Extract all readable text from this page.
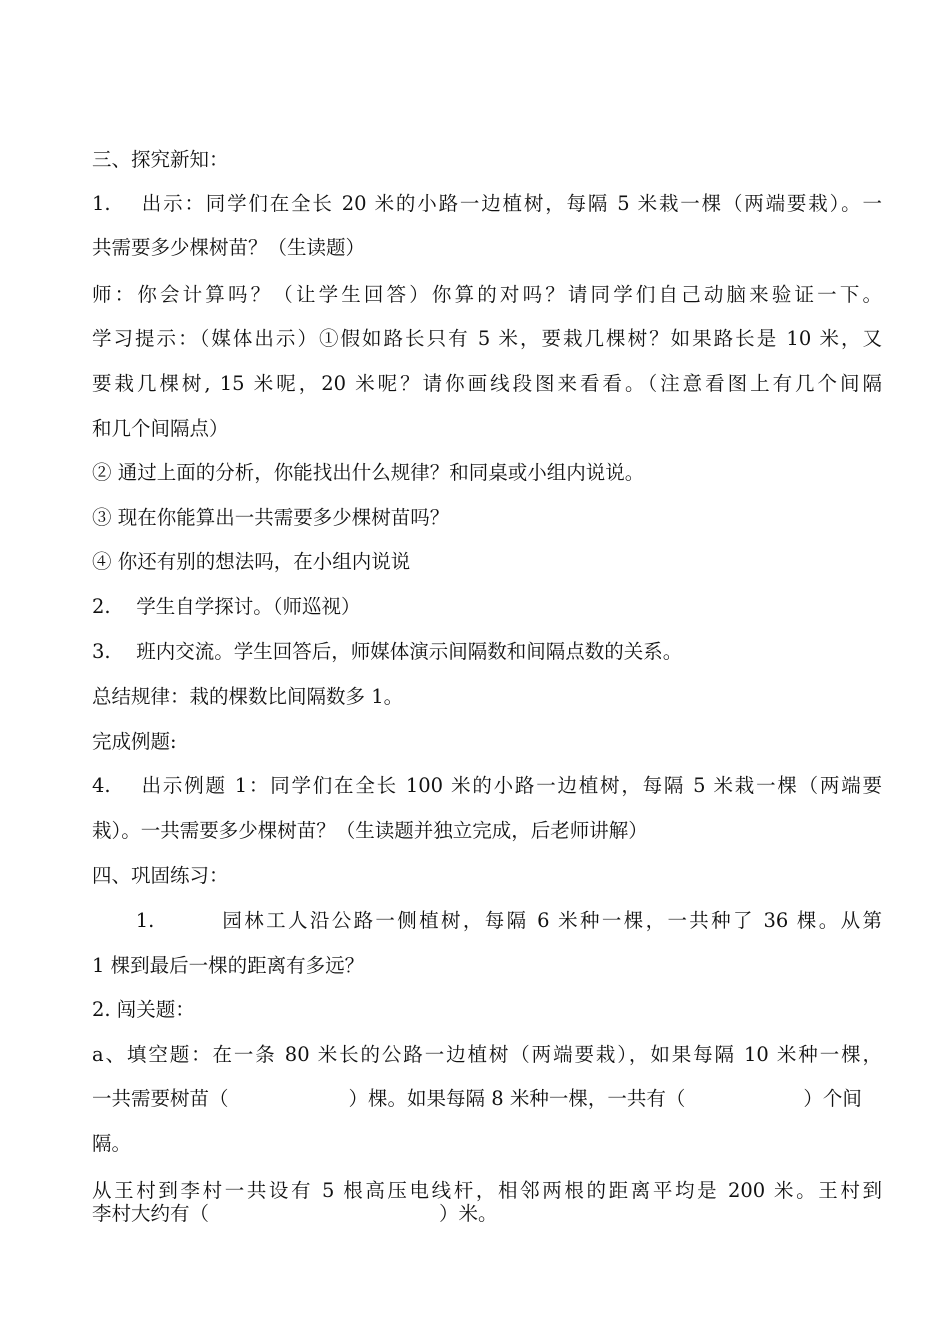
三、探究新知：
1.　 出示：同学们在全长 20 米的小路一边植树，每隔 5 米栽一棵（两端要栽）。一
共需要多少棵树苗？（生读题）
师：你会计算吗？（让学生回答）你算的对吗？请同学们自己动脑来验证一下。
学习提示：（媒体出示）①假如路长只有 5 米，要栽几棵树？如果路长是 10 米，又
要栽几棵树, 15 米呢，20 米呢？请你画线段图来看看。（注意看图上有几个间隔
和几个间隔点）
② 通过上面的分析，你能找出什么规律？和同桌或小组内说说。
③ 现在你能算出一共需要多少棵树苗吗？
④ 你还有别的想法吗，在小组内说说
2.　 学生自学探讨。（师巡视）
3.　 班内交流。学生回答后，师媒体演示间隔数和间隔点数的关系。
总结规律：栽的棵数比间隔数多 1。
完成例题:
4.　 出示例题 1：同学们在全长 100 米的小路一边植树，每隔 5 米栽一棵（两端要
栽）。一共需要多少棵树苗？（生读题并独立完成，后老师讲解）
四、巩固练习：
　　1.　　　园林工人沿公路一侧植树，每隔 6 米种一棵，一共种了 36 棵。从第
1 棵到最后一棵的距离有多远？
2. 闯关题：
a、填空题：在一条 80 米长的公路一边植树（两端要栽），如果每隔 10 米种一棵，
一共需要树苗（	）棵。如果每隔 8 米种一棵，一共有（	）个间
隔。
从王村到李村一共设有 5 根高压电线杆，相邻两根的距离平均是 200 米。王村到
李村大约有（	）米。
